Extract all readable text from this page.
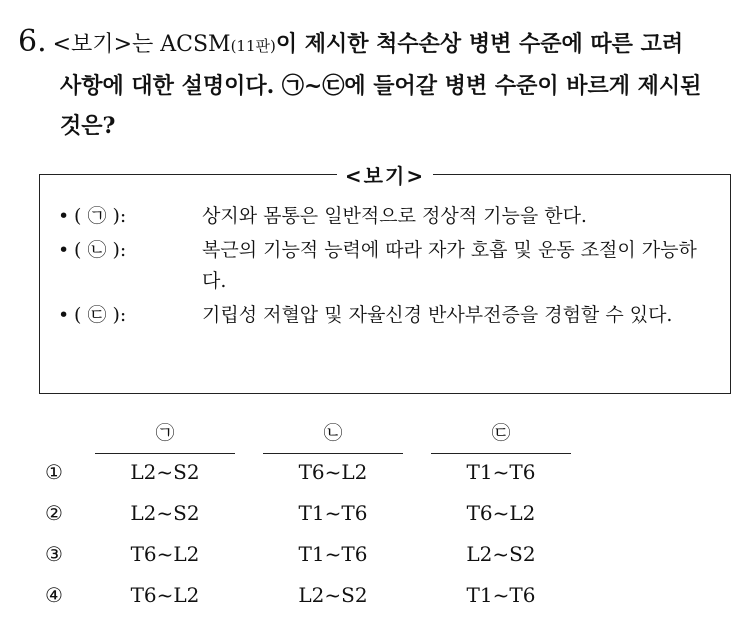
6. <보기>는 ACSM(11판)이 제시한 척수손상 병변 수준에 따른 고려
사항에 대한 설명이다. ㉠~㉢에 들어갈 병변 수준이 바르게 제시된
것은?
<보기>
• ( ㉠ ):	상지와 몸통은 일반적으로 정상적 기능을 한다.
• ( ㉡ ):	복근의 기능적 능력에 따라 자가 호흡 및 운동 조절이 가능하다.
• ( ㉢ ):	기립성 저혈압 및 자율신경 반사부전증을 경험할 수 있다.
㉠	㉡	㉢
①	L2~S2	T6~L2	T1~T6
②	L2~S2	T1~T6	T6~L2
③	T6~L2	T1~T6	L2~S2
④	T6~L2	L2~S2	T1~T6
